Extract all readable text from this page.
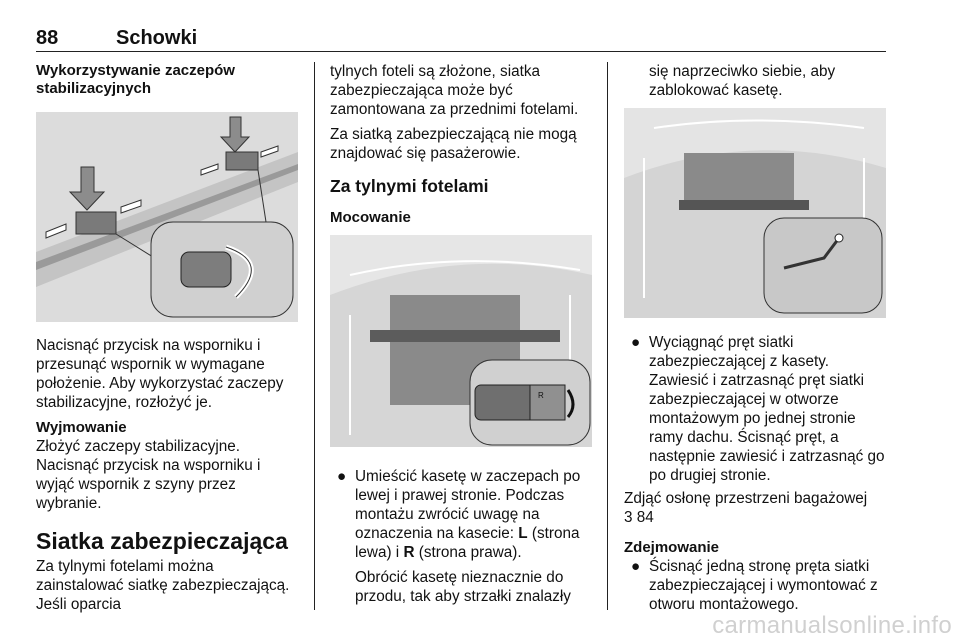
88	Schowki
Wykorzystywanie zaczepów stabilizacyjnych

Nacisnąć przycisk na wsporniku i przesunąć wspornik w wymagane położenie. Aby wykorzystać zaczepy stabilizacyjne, rozłożyć je.

Wyjmowanie

Złożyć zaczepy stabilizacyjne. Nacisnąć przycisk na wsporniku i wyjąć wspornik z szyny przez wybranie.

Siatka zabezpieczająca

Za tylnymi fotelami można zainstalować siatkę zabezpieczającą. Jeśli oparcia

tylnych foteli są złożone, siatka zabezpieczająca może być zamontowana za przednimi fotelami.

Za siatką zabezpieczającą nie mogą znajdować się pasażerowie.

Za tylnymi fotelami
Mocowanie
R
● Umieścić kasetę w zaczepach po lewej i prawej stronie. Podczas montażu zwrócić uwagę na oznaczenia na kasecie: L (strona lewa) i R (strona prawa).

Obrócić kasetę nieznacznie do przodu, tak aby strzałki znalazły

się naprzeciwko siebie, aby zablokować kasetę.

● Wyciągnąć pręt siatki zabezpieczającej z kasety. Zawiesić i zatrzasnąć pręt siatki zabezpieczającej w otworze montażowym po jednej stronie ramy dachu. Ścisnąć pręt, a następnie zawiesić i zatrzasnąć go po drugiej stronie.

Zdjąć osłonę przestrzeni bagażowej
3 84

Zdejmowanie
● Ścisnąć jedną stronę pręta siatki zabezpieczającej i wymontować z otworu montażowego.
carmanualsonline.info
